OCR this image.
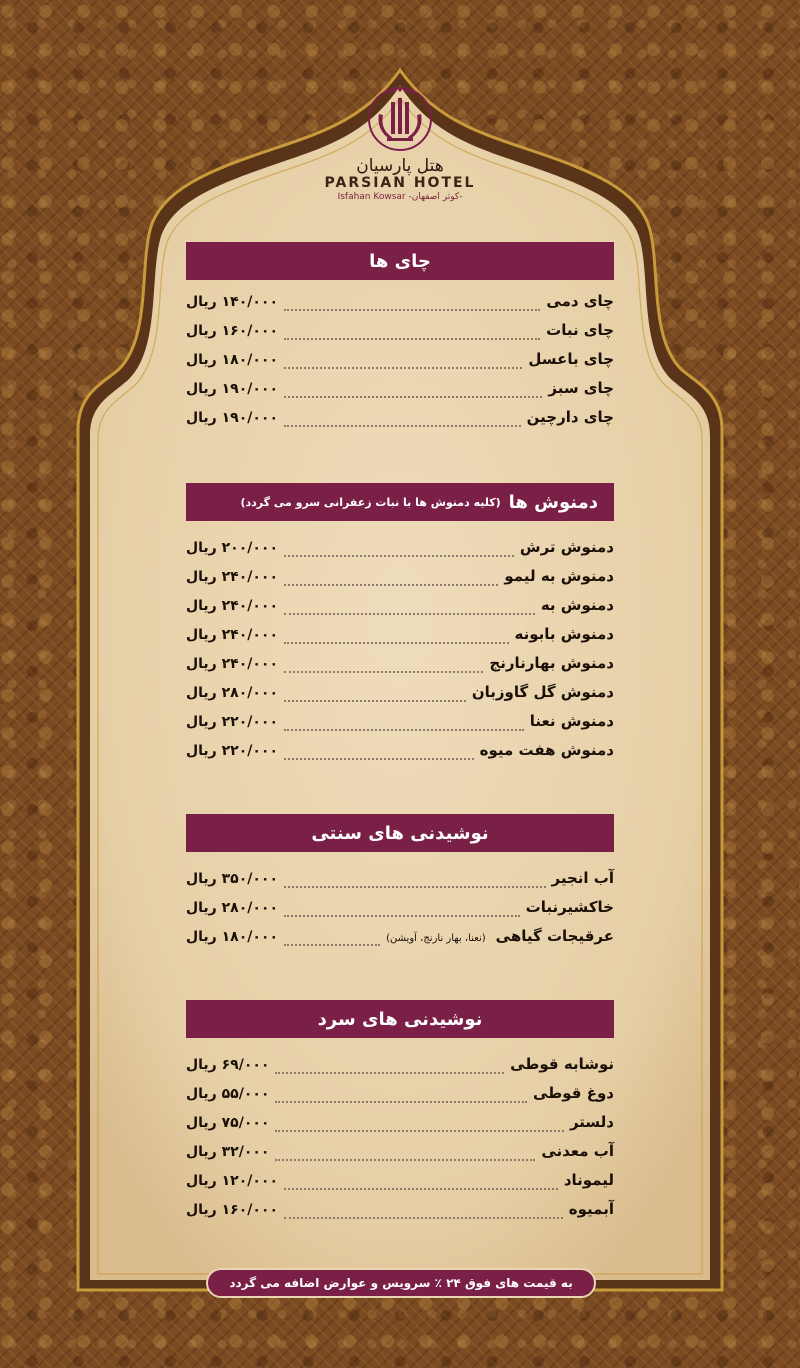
هتل پارسیان
PARSIAN HOTEL
Isfahan Kowsar -کوثر اصفهان-
چای ها
چای دمی
۱۴۰/۰۰۰ ریال
چای نبات
۱۶۰/۰۰۰ ریال
چای باعسل
۱۸۰/۰۰۰ ریال
چای سبز
۱۹۰/۰۰۰ ریال
چای دارچین
۱۹۰/۰۰۰ ریال
دمنوش ها
(کلیه دمنوش ها با نبات زعفرانی سرو می گردد)
دمنوش ترش
۲۰۰/۰۰۰ ریال
دمنوش به لیمو
۲۴۰/۰۰۰ ریال
دمنوش به
۲۴۰/۰۰۰ ریال
دمنوش بابونه
۲۴۰/۰۰۰ ریال
دمنوش بهارنارنج
۲۴۰/۰۰۰ ریال
دمنوش گل گاوزبان
۲۸۰/۰۰۰ ریال
دمنوش نعنا
۲۲۰/۰۰۰ ریال
دمنوش هفت میوه
۲۲۰/۰۰۰ ریال
نوشیدنی های سنتی
آب انجیر
۳۵۰/۰۰۰ ریال
خاکشیرنبات
۲۸۰/۰۰۰ ریال
عرقیجات گیاهی
(نعنا، بهار نارنج، آویشن)
۱۸۰/۰۰۰ ریال
نوشیدنی های سرد
نوشابه قوطی
۶۹/۰۰۰ ریال
دوغ قوطی
۵۵/۰۰۰ ریال
دلستر
۷۵/۰۰۰ ریال
آب معدنی
۳۲/۰۰۰ ریال
لیموناد
۱۲۰/۰۰۰ ریال
آبمیوه
۱۶۰/۰۰۰ ریال
به قیمت های فوق ۲۴ ٪ سرویس و عوارض اضافه می گردد
